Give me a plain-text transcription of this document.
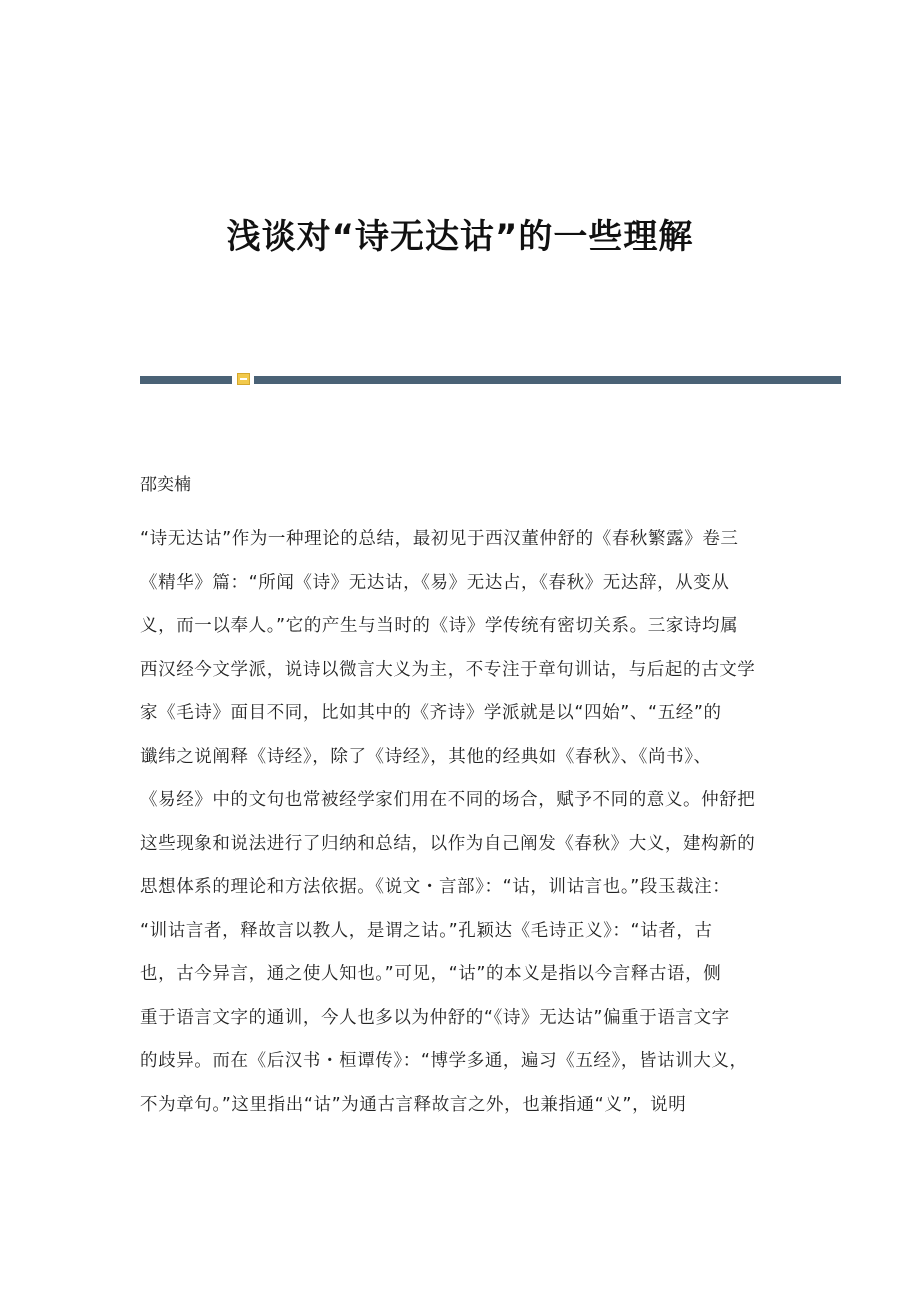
浅谈对“诗无达诂”的一些理解
邵奕楠
“诗无达诂”作为一种理论的总结，最初见于西汉董仲舒的《春秋繁露》卷三
《精华》篇：“所闻《诗》无达诂，《易》无达占，《春秋》无达辞，从变从
义，而一以奉人。”它的产生与当时的《诗》学传统有密切关系。三家诗均属
西汉经今文学派，说诗以微言大义为主，不专注于章句训诂，与后起的古文学
家《毛诗》面目不同，比如其中的《齐诗》学派就是以“四始”、“五经”的
谶纬之说阐释《诗经》，除了《诗经》，其他的经典如《春秋》、《尚书》、
《易经》中的文句也常被经学家们用在不同的场合，赋予不同的意义。仲舒把
这些现象和说法进行了归纳和总结，以作为自己阐发《春秋》大义，建构新的
思想体系的理论和方法依据。《说文・言部》：“诂，训诂言也。”段玉裁注：
“训诂言者，释故言以教人，是谓之诂。”孔颖达《毛诗正义》：“诂者，古
也，古今异言，通之使人知也。”可见，“诂”的本义是指以今言释古语，侧
重于语言文字的通训，今人也多以为仲舒的“《诗》无达诂”偏重于语言文字
的歧异。而在《后汉书・桓谭传》：“博学多通，遍习《五经》，皆诂训大义，
不为章句。”这里指出“诂”为通古言释故言之外，也兼指通“义”，说明
